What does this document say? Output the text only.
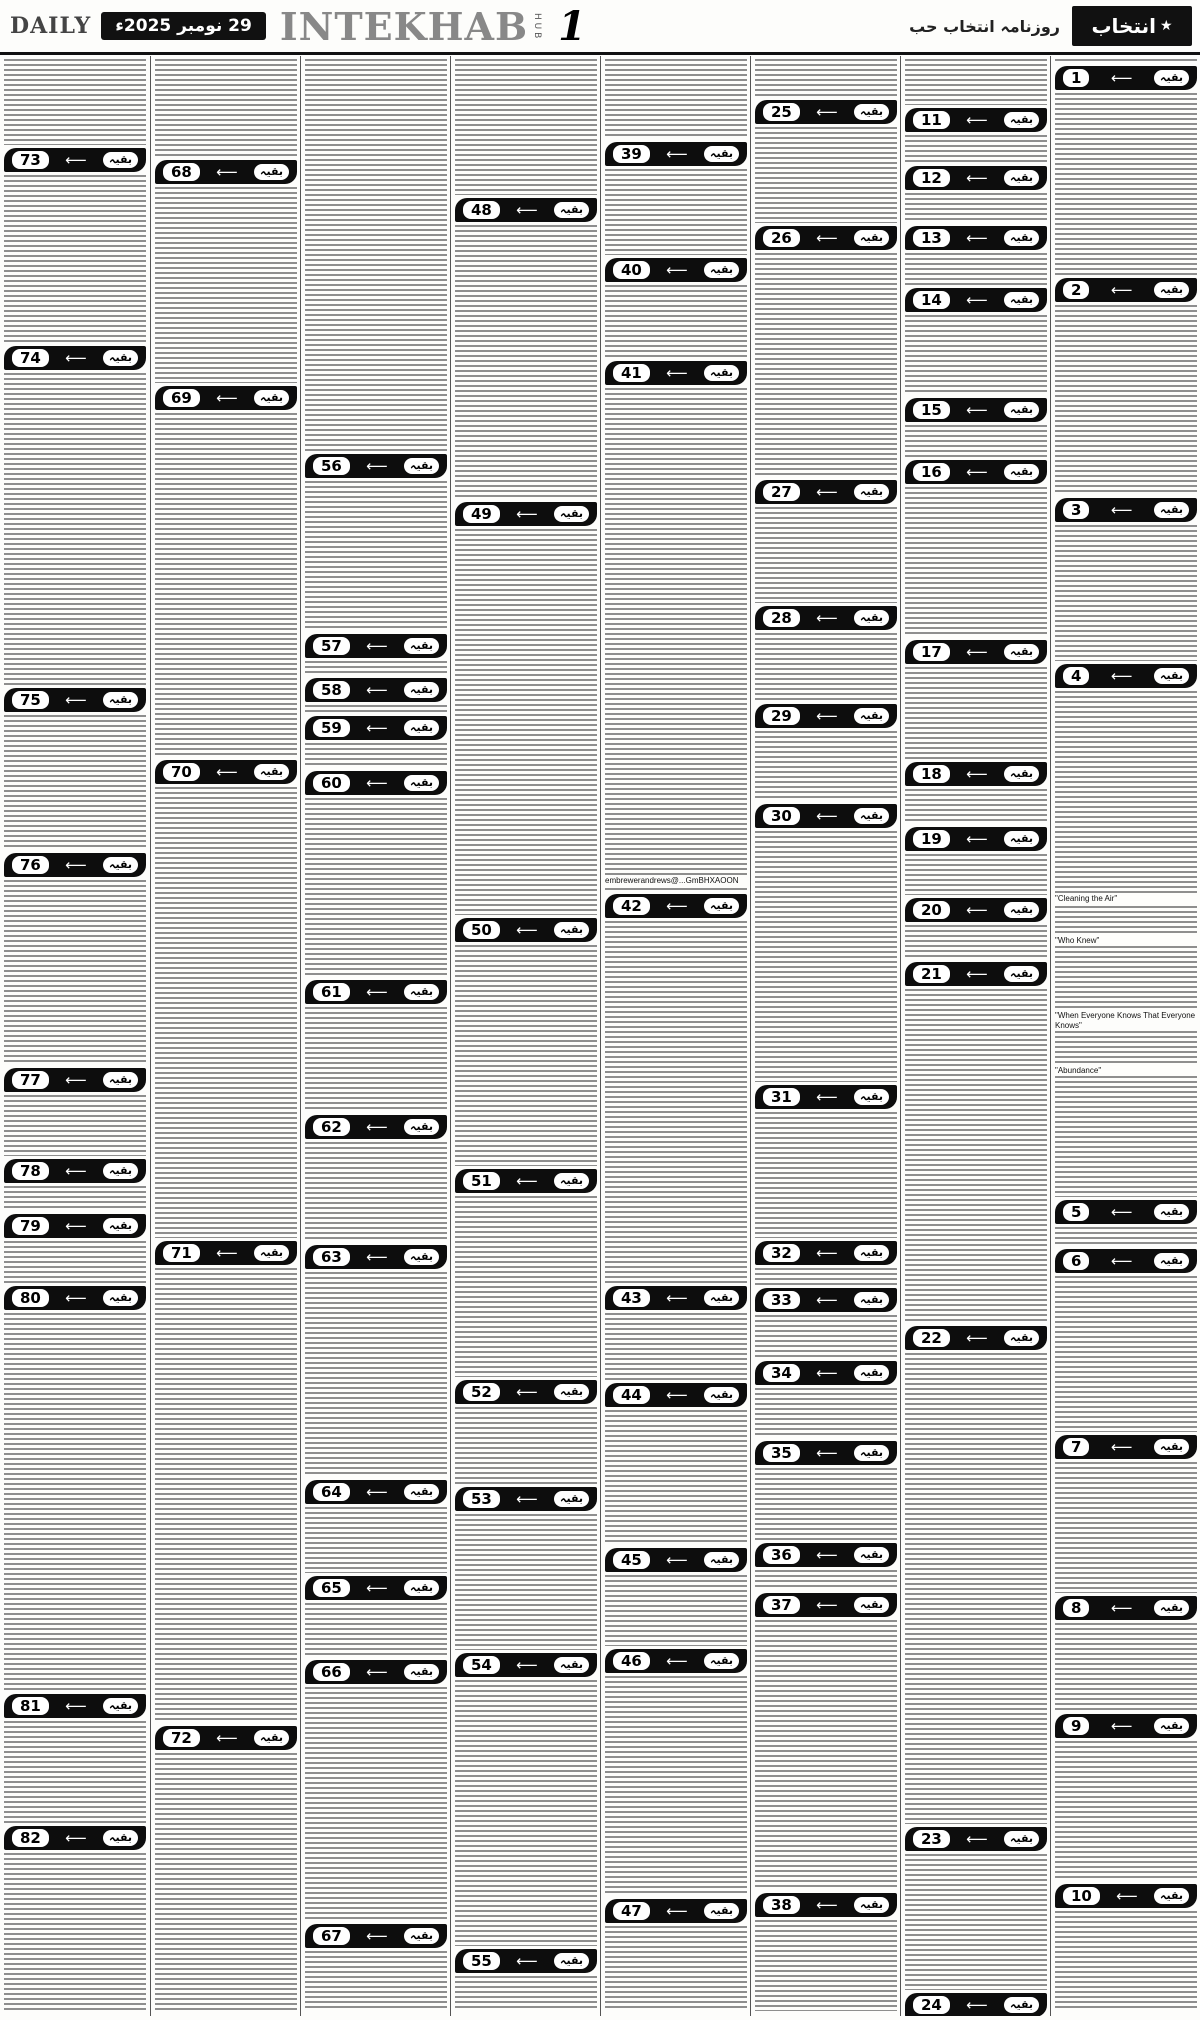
DAILY	29 نومبر 2025ء INTEKHAB H U B 1	روزنامہ انتخاب حب انتخاب ★
73	⟵	بقیہ
74	⟵	بقیہ
75	⟵	بقیہ
76	⟵	بقیہ
77	⟵	بقیہ
78	⟵	بقیہ
79	⟵	بقیہ
80	⟵	بقیہ
81	⟵	بقیہ
82	⟵	بقیہ
68	⟵	بقیہ
69	⟵	بقیہ
70	⟵	بقیہ
71	⟵	بقیہ
72	⟵	بقیہ
56	⟵	بقیہ
57	⟵	بقیہ
58	⟵	بقیہ
59	⟵	بقیہ
60	⟵	بقیہ
61	⟵	بقیہ
62	⟵	بقیہ
63	⟵	بقیہ
64	⟵	بقیہ
65	⟵	بقیہ
66	⟵	بقیہ
67	⟵	بقیہ
48	⟵	بقیہ
49	⟵	بقیہ
50	⟵	بقیہ
51	⟵	بقیہ
52	⟵	بقیہ
53	⟵	بقیہ
54	⟵	بقیہ
55	⟵	بقیہ
39	⟵	بقیہ
40	⟵	بقیہ
41	⟵	بقیہ
42	⟵	بقیہ
43	⟵	بقیہ
44	⟵	بقیہ
45	⟵	بقیہ
46	⟵	بقیہ
47	⟵	بقیہ
embrewerandrews@...GmBHXAOON
25	⟵	بقیہ
26	⟵	بقیہ
27	⟵	بقیہ
28	⟵	بقیہ
29	⟵	بقیہ
30	⟵	بقیہ
31	⟵	بقیہ
32	⟵	بقیہ
33	⟵	بقیہ
34	⟵	بقیہ
35	⟵	بقیہ
36	⟵	بقیہ
37	⟵	بقیہ
38	⟵	بقیہ
11	⟵	بقیہ
12	⟵	بقیہ
13	⟵	بقیہ
14	⟵	بقیہ
15	⟵	بقیہ
16	⟵	بقیہ
17	⟵	بقیہ
18	⟵	بقیہ
19	⟵	بقیہ
20	⟵	بقیہ
21	⟵	بقیہ
22	⟵	بقیہ
23	⟵	بقیہ
24	⟵	بقیہ
1	⟵	بقیہ
2	⟵	بقیہ
3	⟵	بقیہ
4	⟵	بقیہ
5	⟵	بقیہ
6	⟵	بقیہ
7	⟵	بقیہ
8	⟵	بقیہ
9	⟵	بقیہ
10	⟵	بقیہ
"Cleaning the Air"
"Who Knew"
"When Everyone Knows That Everyone Knows"
"Abundance"
